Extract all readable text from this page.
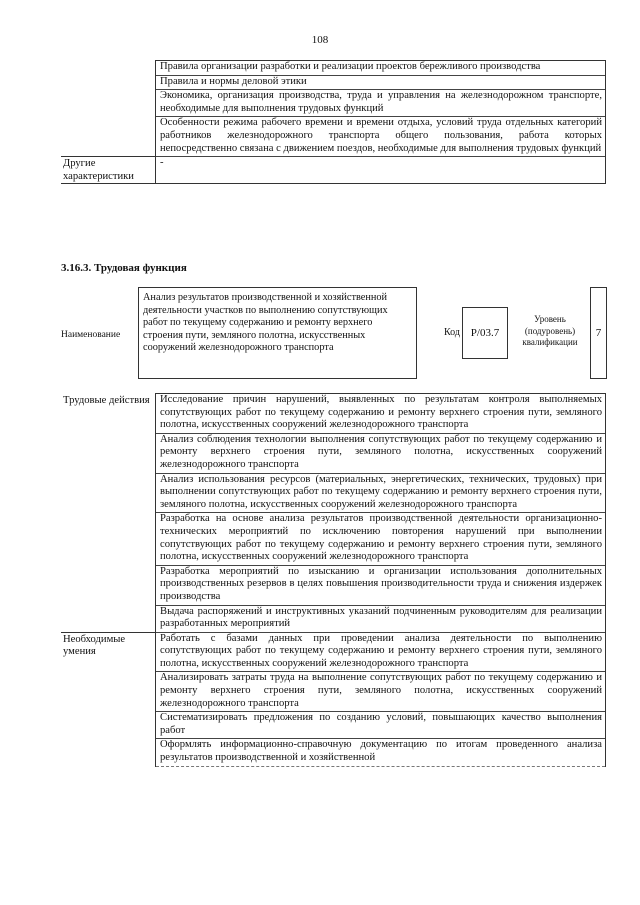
108
	Правила организации разработки и реализации проектов бережливого производства
	Правила и нормы деловой этики
	Экономика, организация производства, труда и управления на железнодорожном транспорте, необходимые для выполнения трудовых функций
	Особенности режима рабочего времени и времени отдыха, условий труда отдельных категорий работников железнодорожного транспорта общего пользования, работа которых непосредственно связана с движением поездов, необходимые для выполнения трудовых функций
Другие характеристики	-
3.16.3. Трудовая функция
Наименование
Анализ результатов производственной и хозяйственной деятельности участков по выполнению сопутствующих работ по текущему содержанию и ремонту верхнего строения пути, земляного полотна, искусственных сооружений железнодорожного транспорта
Код P/03.7
Уровень (подуровень) квалификации
7
Трудовые действия	Исследование причин нарушений, выявленных по результатам контроля выполняемых сопутствующих работ по текущему содержанию и ремонту верхнего строения пути, земляного полотна, искусственных сооружений железнодорожного транспорта
	Анализ соблюдения технологии выполнения сопутствующих работ по текущему содержанию и ремонту верхнего строения пути, земляного полотна, искусственных сооружений железнодорожного транспорта
	Анализ использования ресурсов (материальных, энергетических, технических, трудовых) при выполнении сопутствующих работ по текущему содержанию и ремонту верхнего строения пути, земляного полотна, искусственных сооружений железнодорожного транспорта
	Разработка на основе анализа результатов производственной деятельности организационно-технических мероприятий по исключению повторения нарушений при выполнении сопутствующих работ по текущему содержанию и ремонту верхнего строения пути, земляного полотна, искусственных сооружений железнодорожного транспорта
	Разработка мероприятий по изысканию и организации использования дополнительных производственных резервов в целях повышения производительности труда и снижения издержек производства
	Выдача распоряжений и инструктивных указаний подчиненным руководителям для реализации разработанных мероприятий
Необходимые умения	Работать с базами данных при проведении анализа деятельности по выполнению сопутствующих работ по текущему содержанию и ремонту верхнего строения пути, земляного полотна, искусственных сооружений железнодорожного транспорта
	Анализировать затраты труда на выполнение сопутствующих работ по текущему содержанию и ремонту верхнего строения пути, земляного полотна, искусственных сооружений железнодорожного транспорта
	Систематизировать предложения по созданию условий, повышающих качество выполнения работ
	Оформлять информационно-справочную документацию по итогам проведенного анализа результатов производственной и хозяйственной
